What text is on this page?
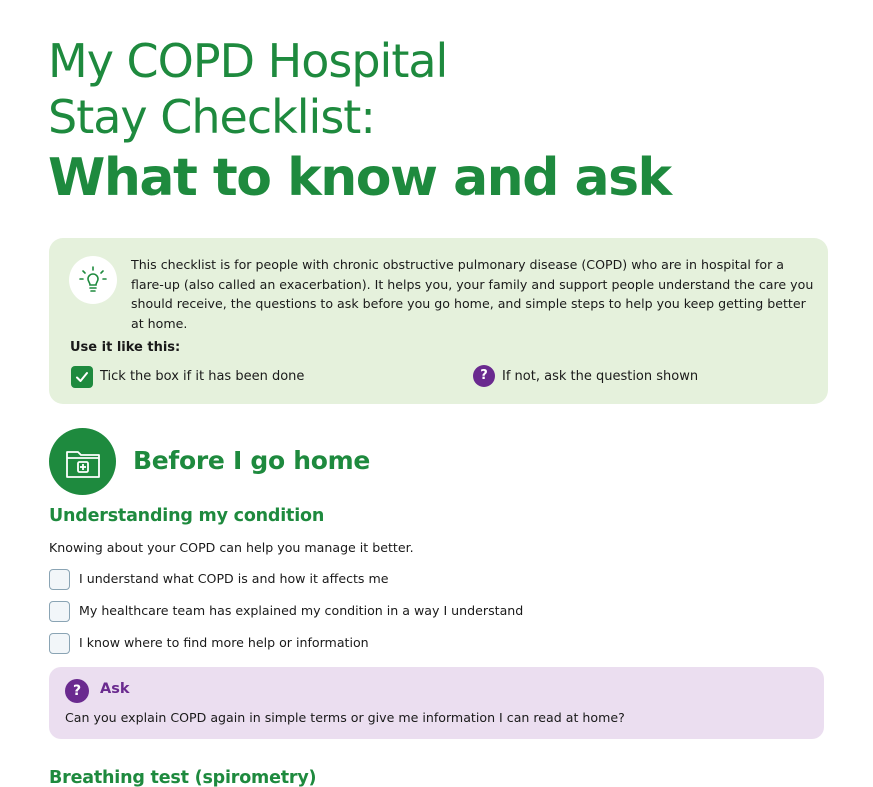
My COPD Hospital
Stay Checklist:
What to know and ask
This checklist is for people with chronic obstructive pulmonary disease (COPD) who are in hospital for a flare-up (also called an exacerbation). It helps you, your family and support people understand the care you should receive, the questions to ask before you go home, and simple steps to help you keep getting better at home.
Use it like this:
Tick the box if it has been done	?	If not, ask the question shown
Before I go home
Understanding my condition
Knowing about your COPD can help you manage it better.
I understand what COPD is and how it affects me
My healthcare team has explained my condition in a way I understand
I know where to find more help or information
?	Ask
Can you explain COPD again in simple terms or give me information I can read at home?
Breathing test (spirometry)
